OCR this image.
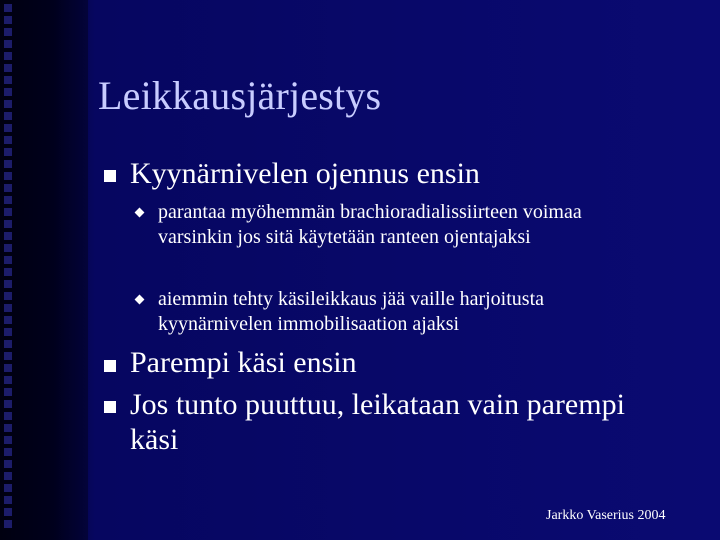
Leikkausjärjestys
Kyynärnivelen ojennus ensin
parantaa myöhemmän brachioradialissiirteen voimaa
varsinkin jos sitä käytetään ranteen ojentajaksi
aiemmin tehty käsileikkaus jää vaille harjoitusta
kyynärnivelen immobilisaation ajaksi
Parempi käsi ensin
Jos tunto puuttuu, leikataan vain parempi
käsi
Jarkko Vaserius 2004
